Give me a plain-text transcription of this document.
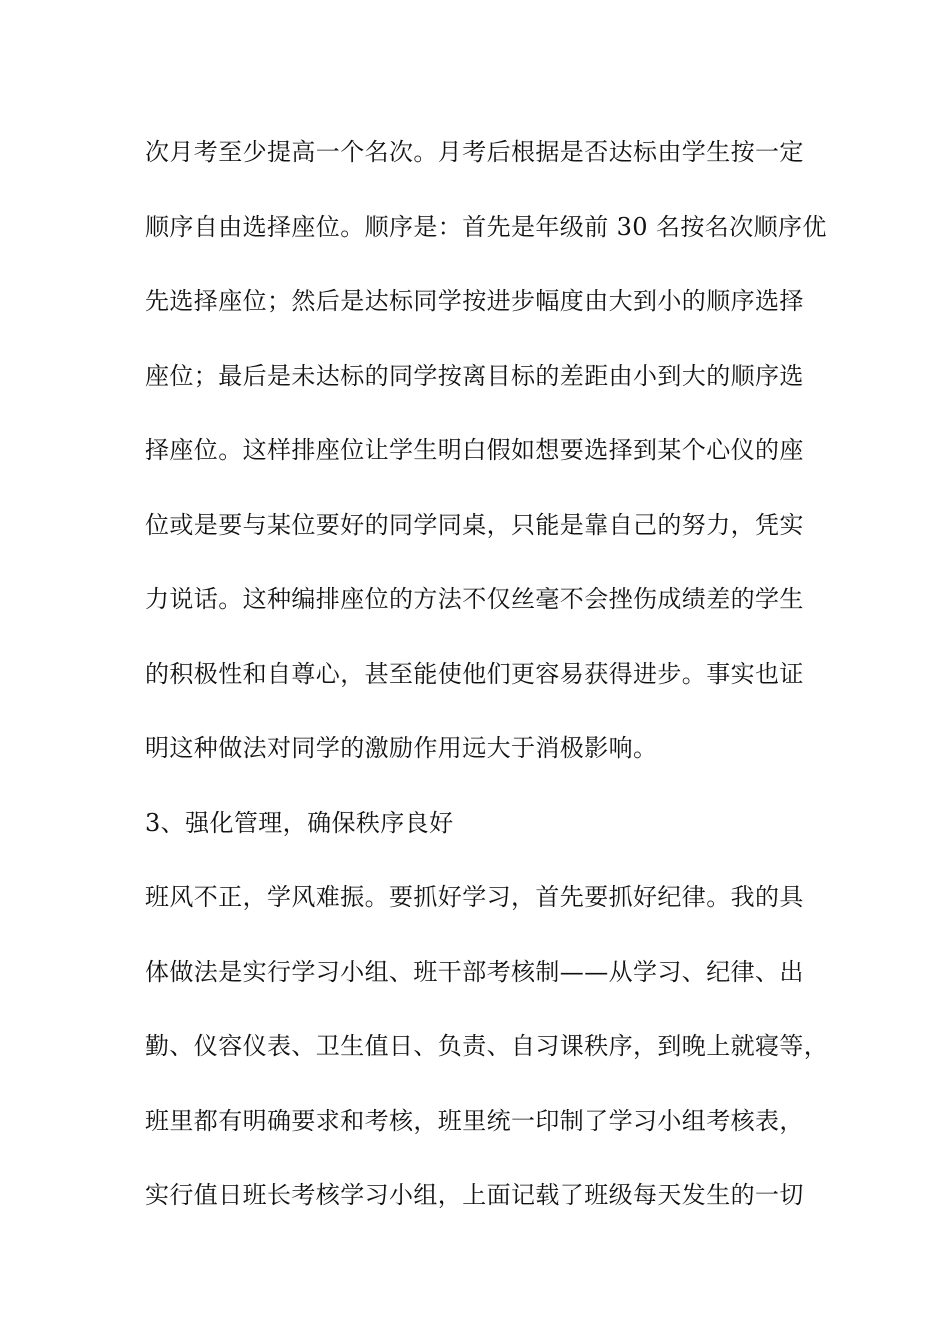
次月考至少提高一个名次。月考后根据是否达标由学生按一定
顺序自由选择座位。顺序是：首先是年级前 30 名按名次顺序优
先选择座位；然后是达标同学按进步幅度由大到小的顺序选择
座位；最后是未达标的同学按离目标的差距由小到大的顺序选
择座位。这样排座位让学生明白假如想要选择到某个心仪的座
位或是要与某位要好的同学同桌，只能是靠自己的努力，凭实
力说话。这种编排座位的方法不仅丝毫不会挫伤成绩差的学生
的积极性和自尊心，甚至能使他们更容易获得进步。事实也证
明这种做法对同学的激励作用远大于消极影响。
3、强化管理，确保秩序良好
班风不正，学风难振。要抓好学习，首先要抓好纪律。我的具
体做法是实行学习小组、班干部考核制——从学习、纪律、出
勤、仪容仪表、卫生值日、负责、自习课秩序，到晚上就寝等，
班里都有明确要求和考核，班里统一印制了学习小组考核表，
实行值日班长考核学习小组，上面记载了班级每天发生的一切
